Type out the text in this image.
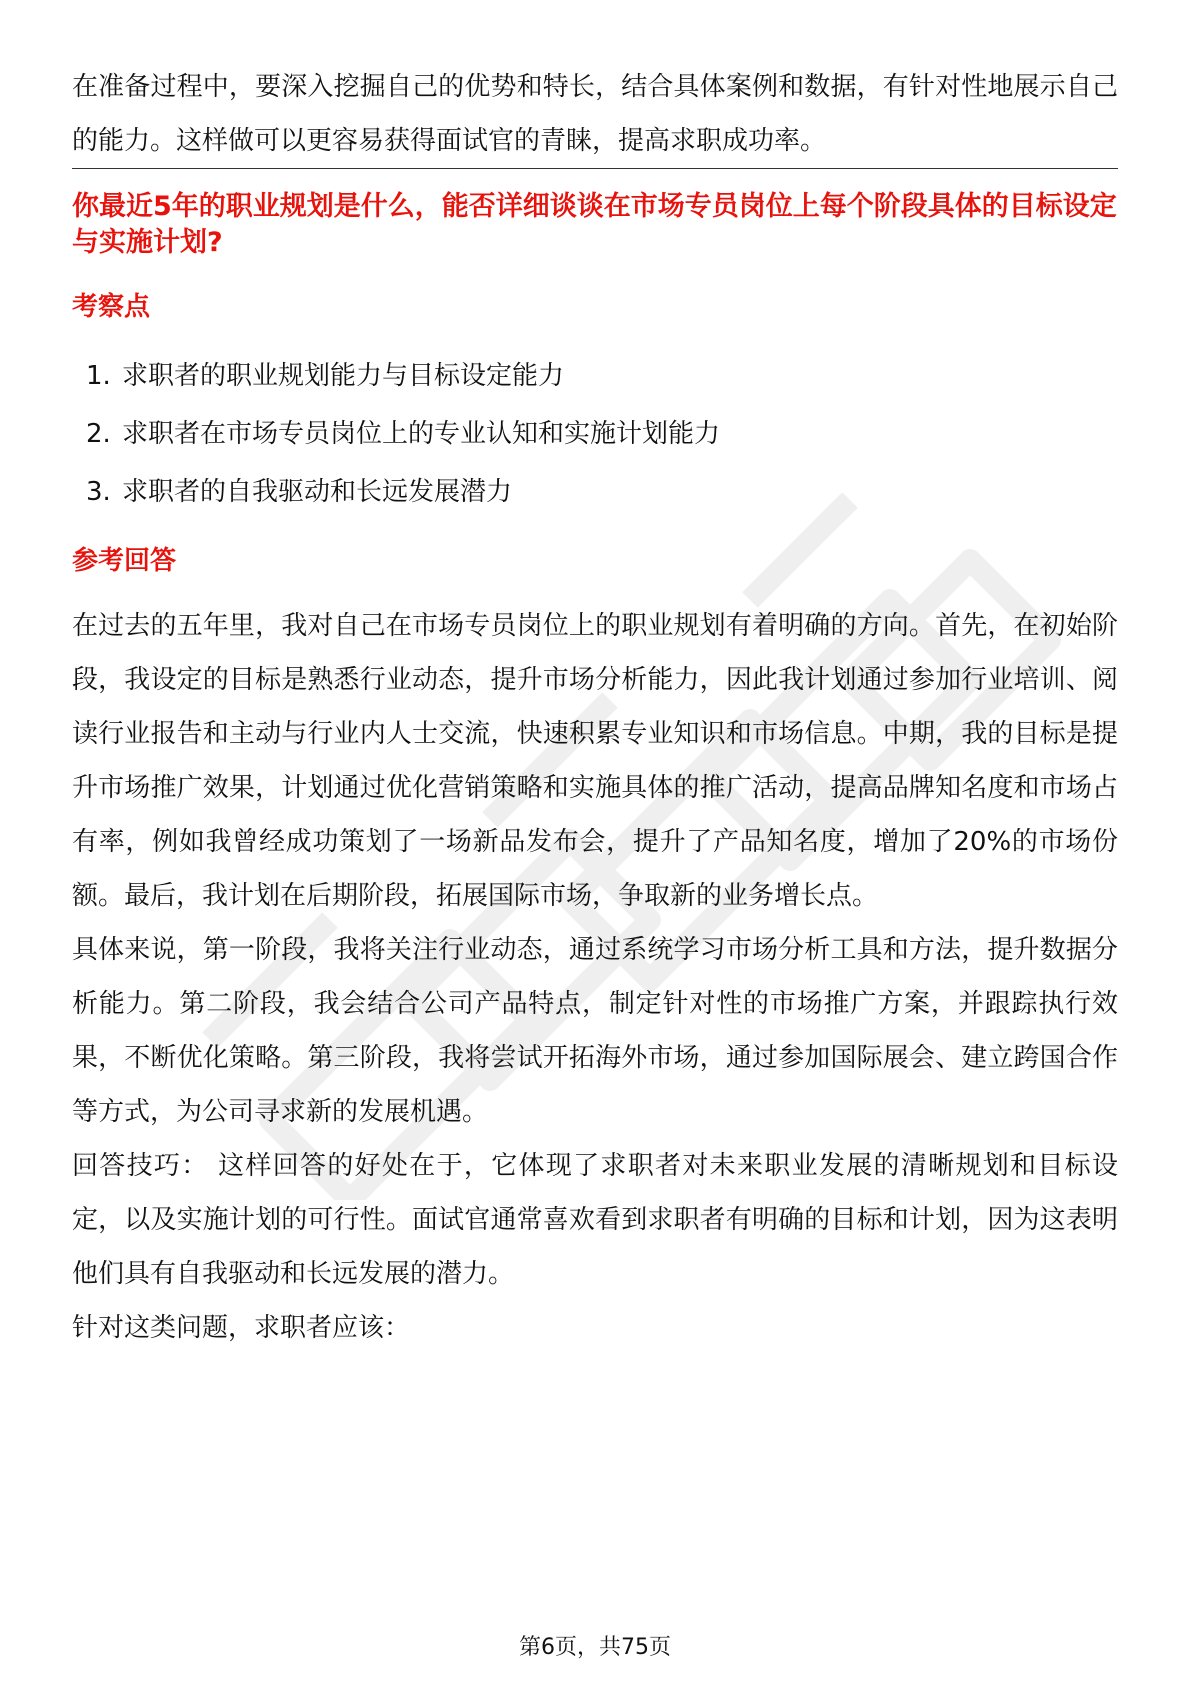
在准备过程中，要深入挖掘自己的优势和特长，结合具体案例和数据，有针对性地展示自己的能力。这样做可以更容易获得面试官的青睐，提高求职成功率。

你最近5年的职业规划是什么，能否详细谈谈在市场专员岗位上每个阶段具体的目标设定与实施计划?

考察点
1. 求职者的职业规划能力与目标设定能力
2. 求职者在市场专员岗位上的专业认知和实施计划能力
3. 求职者的自我驱动和长远发展潜力
参考回答

在过去的五年里，我对自己在市场专员岗位上的职业规划有着明确的方向。首先，在初始阶段，我设定的目标是熟悉行业动态，提升市场分析能力，因此我计划通过参加行业培训、阅读行业报告和主动与行业内人士交流，快速积累专业知识和市场信息。中期，我的目标是提升市场推广效果，计划通过优化营销策略和实施具体的推广活动，提高品牌知名度和市场占有率，例如我曾经成功策划了一场新品发布会，提升了产品知名度，增加了20%的市场份额。最后，我计划在后期阶段，拓展国际市场，争取新的业务增长点。

具体来说，第一阶段，我将关注行业动态，通过系统学习市场分析工具和方法，提升数据分析能力。第二阶段，我会结合公司产品特点，制定针对性的市场推广方案，并跟踪执行效果，不断优化策略。第三阶段，我将尝试开拓海外市场，通过参加国际展会、建立跨国合作等方式，为公司寻求新的发展机遇。

回答技巧： 这样回答的好处在于，它体现了求职者对未来职业发展的清晰规划和目标设定，以及实施计划的可行性。面试官通常喜欢看到求职者有明确的目标和计划，因为这表明他们具有自我驱动和长远发展的潜力。

针对这类问题，求职者应该：

第6页，共75页
